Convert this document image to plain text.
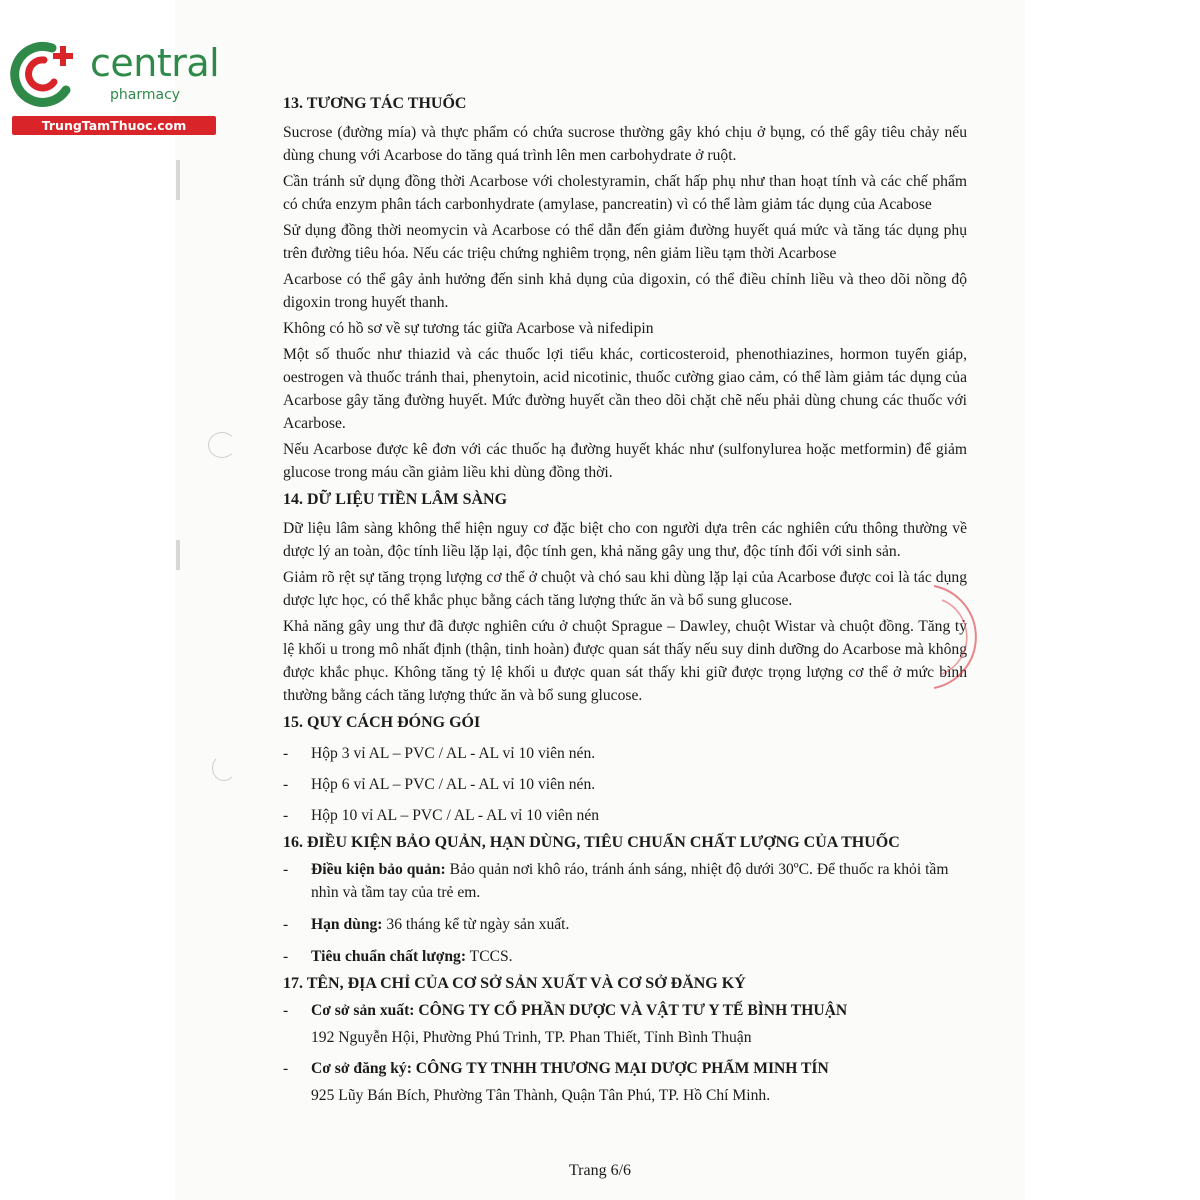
central
pharmacy
TrungTamThuoc.com

13. TƯƠNG TÁC THUỐC

Sucrose (đường mía) và thực phẩm có chứa sucrose thường gây khó chịu ở bụng, có thể gây tiêu chảy nếu dùng chung với Acarbose do tăng quá trình lên men carbohydrate ở ruột.

Cần tránh sử dụng đồng thời Acarbose với cholestyramin, chất hấp phụ như than hoạt tính và các chế phẩm có chứa enzym phân tách carbonhydrate (amylase, pancreatin) vì có thể làm giảm tác dụng của Acabose

Sử dụng đồng thời neomycin và Acarbose có thể dẫn đến giảm đường huyết quá mức và tăng tác dụng phụ trên đường tiêu hóa. Nếu các triệu chứng nghiêm trọng, nên giảm liều tạm thời Acarbose

Acarbose có thể gây ảnh hưởng đến sinh khả dụng của digoxin, có thể điều chỉnh liều và theo dõi nồng độ digoxin trong huyết thanh.

Không có hồ sơ về sự tương tác giữa Acarbose và nifedipin

Một số thuốc như thiazid và các thuốc lợi tiểu khác, corticosteroid, phenothiazines, hormon tuyến giáp, oestrogen và thuốc tránh thai, phenytoin, acid nicotinic, thuốc cường giao cảm, có thể làm giảm tác dụng của Acarbose gây tăng đường huyết. Mức đường huyết cần theo dõi chặt chẽ nếu phải dùng chung các thuốc với Acarbose.

Nếu Acarbose được kê đơn với các thuốc hạ đường huyết khác như (sulfonylurea hoặc metformin) để giảm glucose trong máu cần giảm liều khi dùng đồng thời.

14. DỮ LIỆU TIỀN LÂM SÀNG

Dữ liệu lâm sàng không thể hiện nguy cơ đặc biệt cho con người dựa trên các nghiên cứu thông thường về dược lý an toàn, độc tính liều lặp lại, độc tính gen, khả năng gây ung thư, độc tính đối với sinh sản.

Giảm rõ rệt sự tăng trọng lượng cơ thể ở chuột và chó sau khi dùng lặp lại của Acarbose được coi là tác dụng dược lực học, có thể khắc phục bằng cách tăng lượng thức ăn và bổ sung glucose.

Khả năng gây ung thư đã được nghiên cứu ở chuột Sprague – Dawley, chuột Wistar và chuột đồng. Tăng tỷ lệ khối u trong mô nhất định (thận, tinh hoàn) được quan sát thấy nếu suy dinh dưỡng do Acarbose mà không được khắc phục. Không tăng tỷ lệ khối u được quan sát thấy khi giữ được trọng lượng cơ thể ở mức bình thường bằng cách tăng lượng thức ăn và bổ sung glucose.

15. QUY CÁCH ĐÓNG GÓI

- Hộp 3 vỉ AL – PVC / AL - AL vỉ 10 viên nén.
- Hộp 6 vỉ AL – PVC / AL - AL vỉ 10 viên nén.
- Hộp 10 vỉ AL – PVC / AL - AL vỉ 10 viên nén

16. ĐIỀU KIỆN BẢO QUẢN, HẠN DÙNG, TIÊU CHUẨN CHẤT LƯỢNG CỦA THUỐC

- Điều kiện bảo quản: Bảo quản nơi khô ráo, tránh ánh sáng, nhiệt độ dưới 30ºC. Để thuốc ra khỏi tầm nhìn và tầm tay của trẻ em.
- Hạn dùng: 36 tháng kể từ ngày sản xuất.
- Tiêu chuẩn chất lượng: TCCS.

17. TÊN, ĐỊA CHỈ CỦA CƠ SỞ SẢN XUẤT VÀ CƠ SỞ ĐĂNG KÝ

- Cơ sở sản xuất: CÔNG TY CỔ PHẦN DƯỢC VÀ VẬT TƯ Y TẾ BÌNH THUẬN
192 Nguyễn Hội, Phường Phú Trinh, TP. Phan Thiết, Tỉnh Bình Thuận
- Cơ sở đăng ký: CÔNG TY TNHH THƯƠNG MẠI DƯỢC PHẨM MINH TÍN
925 Lũy Bán Bích, Phường Tân Thành, Quận Tân Phú, TP. Hồ Chí Minh.
Trang 6/6
